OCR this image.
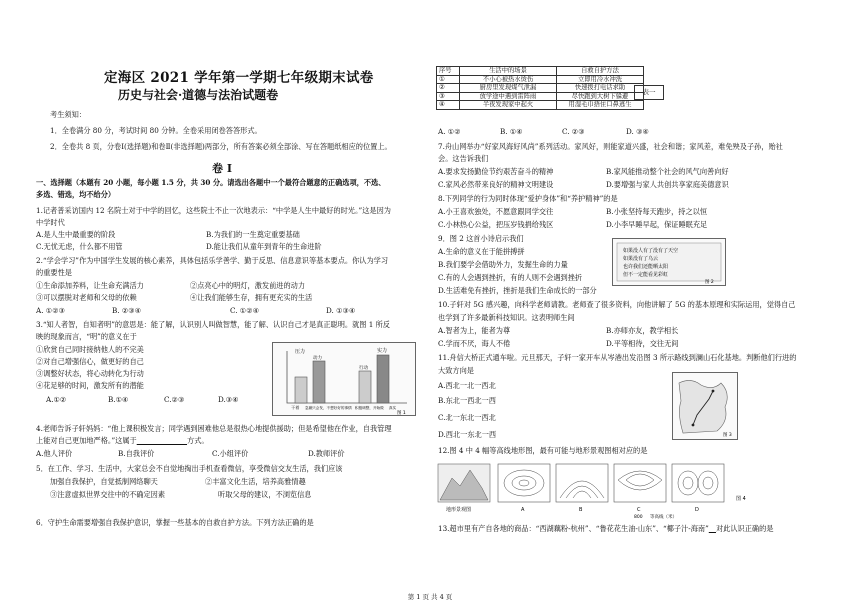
定海区 2021 学年第一学期七年级期末试卷
历史与社会·道德与法治试题卷
考生须知：
1．全卷满分 80 分，考试时间 80 分钟。全卷采用闭卷答答形式。
2．全卷共 8 页，分卷Ⅰ(选择题)和卷Ⅱ(非选择题)两部分，所有答案必须全部涂、写在答题纸相应的位置上。
卷 I
一、选择题（本题有 20 小题，每小题 1.5 分，共 30 分。请选出各题中一个最符合题意的正确选项，不选、
多选、错选，均不给分）
1.记者普采访国内 12 名院士对于中学的回忆，这些院士不止一次地表示：“中学是人生中最好的时光。”这是因为
中学时代
A.是人生中最重要的阶段	B.为我们的一生奠定重要基础
C.无忧无虑，什么都不用管	D.能让我们从童年到青年的生命进阶
2.“学会学习”作为中国学生发展的核心素养，具体包括乐学善学、勤于反思、信息意识等基本要点。你认为学习
的重要性是
①生命添加养料，让生命充满活力	②点亮心中的明灯，激发前进的动力
③可以摆脱对老师和父母的依赖	④让我们能够生存，拥有更充实的生活
A. ①②③	B. ②③④	C. ①②④	D. ①③④
3.“知人者智，自知者明”的意思是：能了解，认识别人叫做智慧，能了解、认识自己才是真正聪明。就图 1 所反
映的现象而言，“明”的意义在于
①欣赏自己同时接纳他人的不完美
②对自己增强信心，做更好的自己
③调整好状态，将心动转化为行动
④花足够的时间，激发所有的潜能
A.①②	B.①④	C.②③	D.③④
压力	实力
动力
行动
干着 急躁只会发，不想好好的事情 积极调整，开始做 真实
图 1
4.老师告诉子轩妈妈：“他上课积极发言；同学遇到困难他总是很热心地提供援助；但是希望他在作业，自我管理
上能对自己更加地严格。”这属于　　　　　　　	方式。
A.他人评价	B.自我评价	C.小组评价	D.教师评价
5．在工作、学习、生活中，大家总会不自觉地掏出手机查看微信，享受微信交友生活，我们应该
加强自我保护，自觉抵制网络聊天	②丰富文化生活，培养高雅情趣
③注意虚拟世界交往中的不确定因素	听取父母的建议，不浏览信息
6．守护生命需要增强自我保护意识，掌握一些基本的自救自护方法。下列方法正确的是
序号	生活中的场景	自救自护方法
①	不小心被热水烫伤	立即用冷水冲洗
②	厨房里发现煤气泄漏	快速拨打电话求助
③	放学途中遇到雷阵雨	尽快跑到大树下躲避
④	半夜发现家中起火	用湿毛巾捂住口鼻逃生
表一
A. ①②	B. ①④	C. ②③	D. ③④
7.舟山网举办“好家风海好风尚”系列活动。家风好，则能家道兴盛，社会和谐；家风差，难免殃及子孙，贻社
会。这告诉我们
A.要求发扬勤俭节约艰苦奋斗的精神	B.家风能推动整个社会的风气向善向好
C.家风必然带来良好的精神文明建设	D.要增强与家人共创共享家庭美德意识
8.下列同学的行为同时体现“爱护身体”和“养护精神”的是
A.小王喜欢独处，不愿意跟同学交往	B.小张坚持每天跑步，持之以恒
C.小林热心公益，把压岁钱捐给残区	D.小李早睡早起，保证睡眠充足
9．图 2 这首小诗启示我们
A.生命的意义在于能拼搏拼
B.我们要学会借助外力，发掘生命的力量
C.有的人会遇到挫折，有的人则不会遇到挫折
D.生活难免有挫折，挫折是我们生命成长的一部分
如果没人有了没有了天空
如果没有了乌云
也许我们还能晒太阳
但不一定能看见彩虹
图 2
10.子轩对 5G 感兴趣，向科学老师请教。老师查了很多资料，向他讲解了 5G 的基本原理和实际运用，觉得自己
也学到了许多最新科技知识。这表明师生间
A.智者为上，能者为尊	B.亦师亦友，教学相长
C.学而不厌，诲人不倦	D.平等相待，交往无间
11.舟信大桥正式通车啦。元旦那天，子轩一家开车从岑港出发沿图 3 所示路线到澜山石化基地。判断他们行进的
大致方向是
A.西北一北一西北
B.东北一西北一西
C.北一东北一西北
D.西北一东北一西	图 3
12.图 4 中 4 幅等高线地形图，最有可能与地形景观图相对应的是
地形景观图	A	B	C	D
800 等高线（米）
图 4
13.超市里有产自各地的商品：“西湖藕粉-杭州”、“鲁花花生油-山东”、“椰子汁-海南”　 对此认识正确的是
第 1 页 共 4 页
